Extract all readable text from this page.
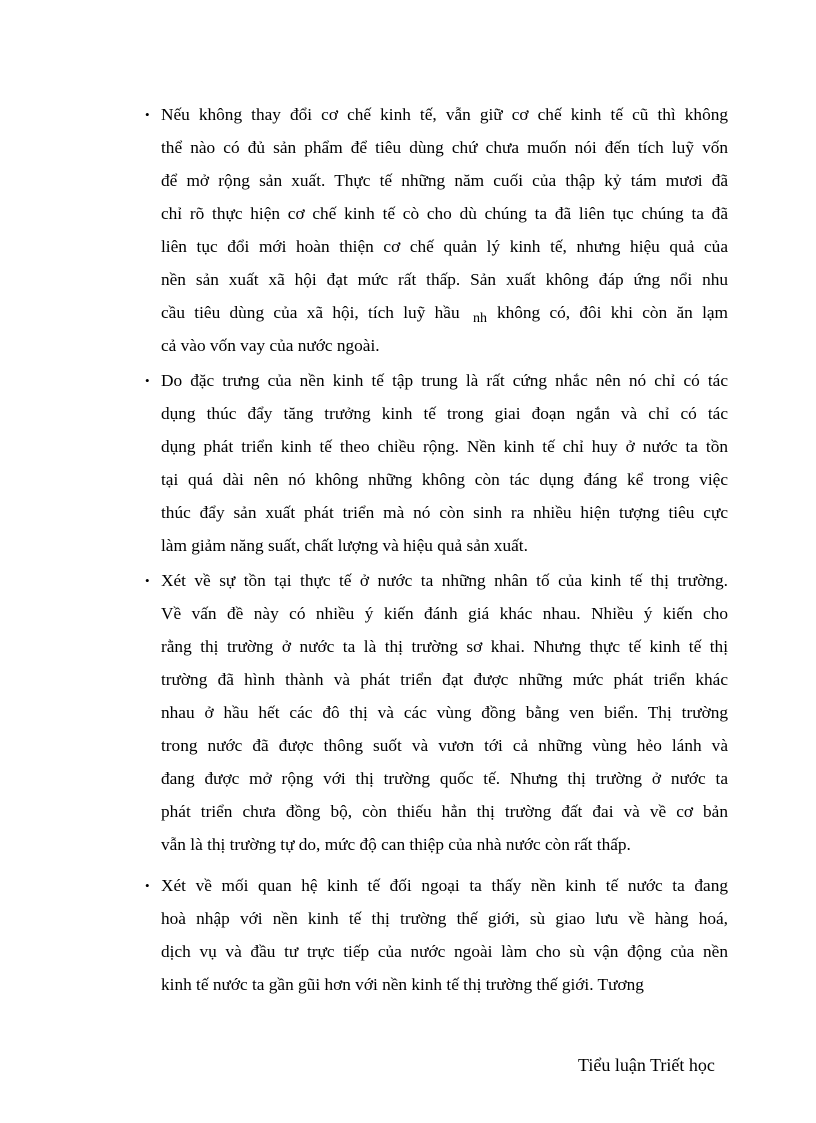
• Nếu không thay đổi cơ chế kinh tế, vẫn giữ cơ chế kinh tế cũ thì không
thể nào có đủ sản phẩm để tiêu dùng chứ chưa muốn nói đến tích luỹ vốn
để mở rộng sản xuất. Thực tế những năm cuối của thập kỷ tám mươi đã
chỉ rõ thực hiện cơ chế kinh tế cò cho dù chúng ta đã liên tục chúng ta đã
liên tục đổi mới hoàn thiện cơ chế quản lý kinh tế, nhưng hiệu quả của
nền sản xuất xã hội đạt mức rất thấp. Sản xuất không đáp ứng nổi nhu
cầu tiêu dùng của xã hội, tích luỹ hầu $_{nh}$ không có, đôi khi còn ăn lạm
cả vào vốn vay của nước ngoài.
• Do đặc trưng của nền kinh tế tập trung là rất cứng nhắc nên nó chỉ có tác
dụng thúc đẩy tăng trưởng kinh tế trong giai đoạn ngắn và chỉ có tác
dụng phát triển kinh tế theo chiều rộng. Nền kinh tế chỉ huy ở nước ta tồn
tại quá dài nên nó không những không còn tác dụng đáng kể trong việc
thúc đẩy sản xuất phát triển mà nó còn sinh ra nhiều hiện tượng tiêu cực
làm giảm năng suất, chất lượng và hiệu quả sản xuất.
• Xét về sự tồn tại thực tế ở nước ta những nhân tố của kinh tế thị trường.
Về vấn đề này có nhiều ý kiến đánh giá khác nhau. Nhiều ý kiến cho
rằng thị trường ở nước ta là thị trường sơ khai. Nhưng thực tế kinh tế thị
trường đã hình thành và phát triển đạt được những mức phát triển khác
nhau ở hầu hết các đô thị và các vùng đồng bằng ven biển. Thị trường
trong nước đã được thông suốt và vươn tới cả những vùng hẻo lánh và
đang được mở rộng với thị trường quốc tế. Nhưng thị trường ở nước ta
phát triển chưa đồng bộ, còn thiếu hẳn thị trường đất đai và về cơ bản
vẫn là thị trường tự do, mức độ can thiệp của nhà nước còn rất thấp.
• Xét về mối quan hệ kinh tế đối ngoại ta thấy nền kinh tế nước ta đang
hoà nhập với nền kinh tế thị trường thế giới, sù giao lưu về hàng hoá,
dịch vụ và đầu tư trực tiếp của nước ngoài làm cho sù vận động của nền
kinh tế nước ta gần gũi hơn với nền kinh tế thị trường thế giới. Tương
Tiểu luận Triết học
